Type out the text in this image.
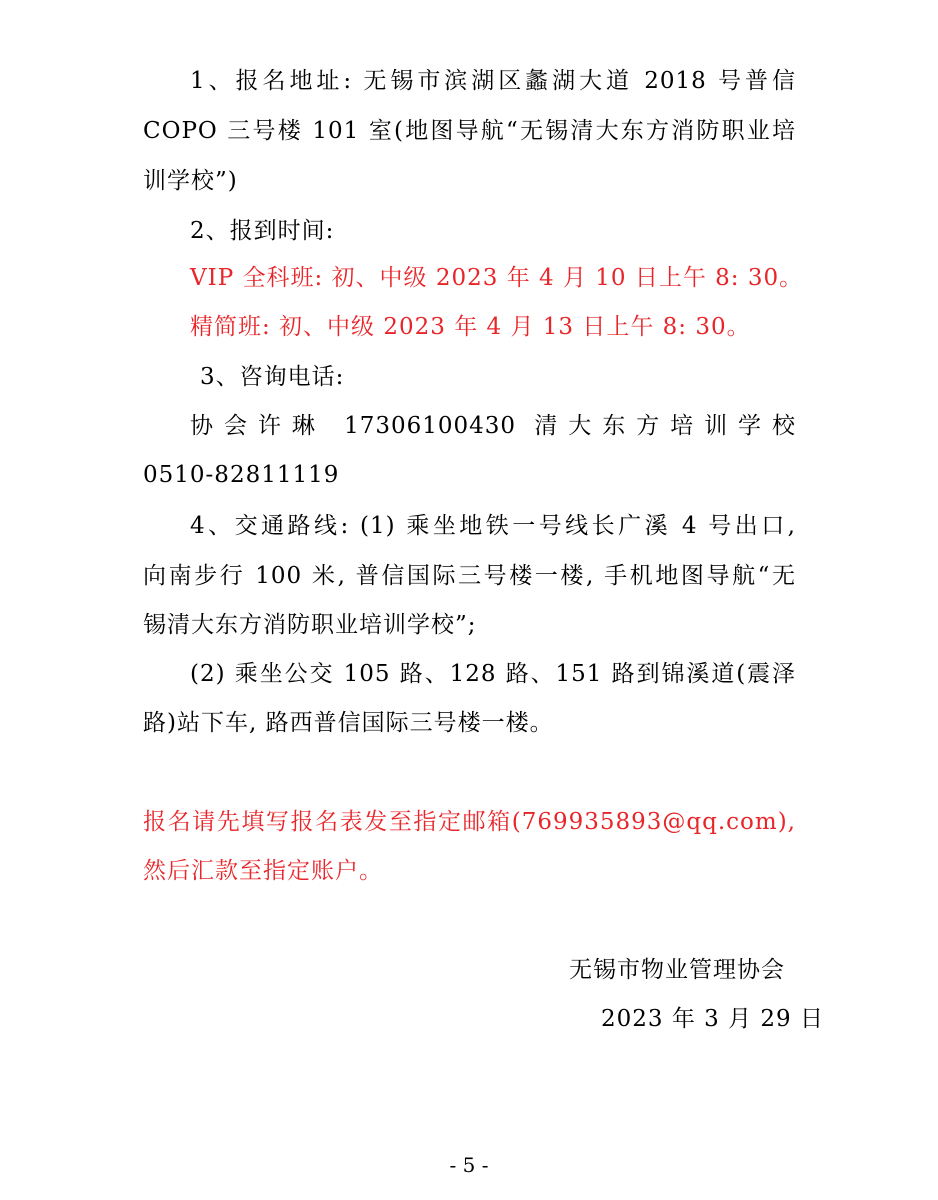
1、报名地址: 无锡市滨湖区蠡湖大道 2018 号普信
COPO 三号楼 101 室(地图导航“无锡清大东方消防职业培
训学校”)
2、报到时间:
VIP 全科班: 初、中级 2023 年 4 月 10 日上午 8: 30。
精简班: 初、中级 2023 年 4 月 13 日上午 8: 30。
3、咨询电话:
协会许琳 17306100430 清大东方培训学校
0510-82811119
4、交通路线: (1) 乘坐地铁一号线长广溪 4 号出口,
向南步行 100 米, 普信国际三号楼一楼, 手机地图导航“无
锡清大东方消防职业培训学校”;
(2) 乘坐公交 105 路、128 路、151 路到锦溪道(震泽
路)站下车, 路西普信国际三号楼一楼。
报名请先填写报名表发至指定邮箱(769935893@qq.com),
然后汇款至指定账户。
无锡市物业管理协会
2023 年 3 月 29 日
- 5 -
